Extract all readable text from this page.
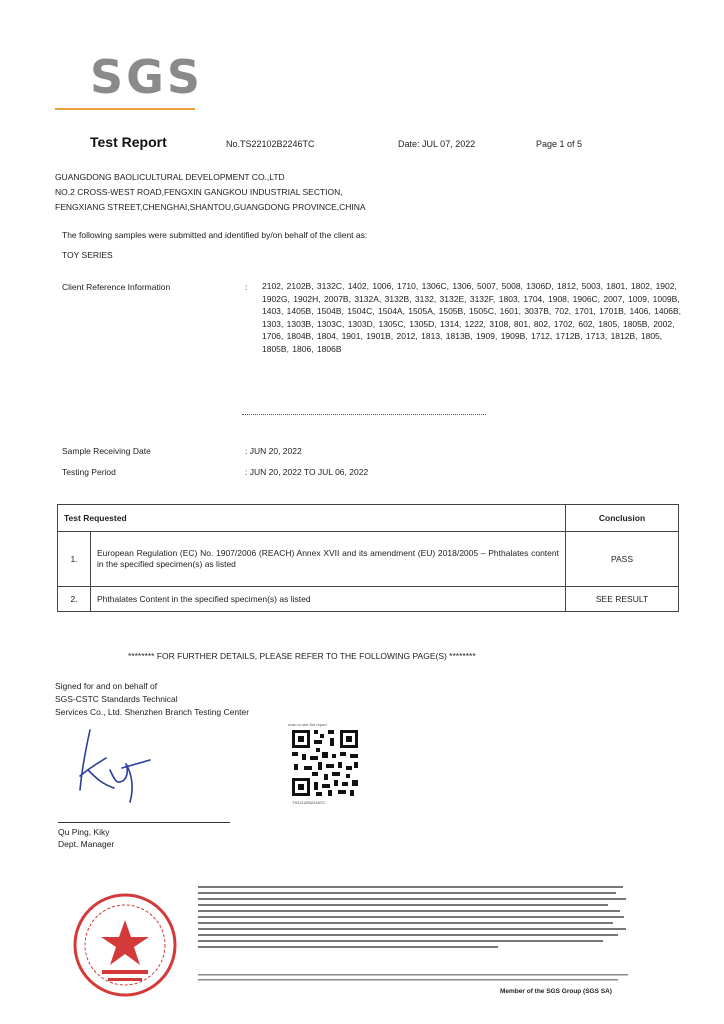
SGS
Test Report	No.TS22102B2246TC	Date: JUL 07, 2022	Page 1 of 5
GUANGDONG BAOLICULTURAL DEVELOPMENT CO.,LTD
NO.2 CROSS-WEST ROAD,FENGXIN GANGKOU INDUSTRIAL SECTION,
FENGXIANG STREET,CHENGHAI,SHANTOU,GUANGDONG PROVINCE,CHINA
The following samples were submitted and identified by/on behalf of the client as:
TOY SERIES
Client Reference Information	: 2102, 2102B, 3132C, 1402, 1006, 1710, 1306C, 1306, 5007, 5008, 1306D, 1812, 5003, 1801, 1802, 1902, 1902G, 1902H, 2007B, 3132A, 3132B, 3132, 3132E, 3132F, 1803, 1704, 1908, 1906C, 2007, 1009, 1009B, 1403, 1405B, 1504B, 1504C, 1504A, 1505A, 1505B, 1505C, 1601, 3037B, 702, 1701, 1701B, 1406, 1406B, 1303, 1303B, 1303C, 1303D, 1305C, 1305D, 1314, 1222, 3108, 801, 802, 1702, 602, 1805, 1805B, 2002, 1706, 1804B, 1804, 1901, 1901B, 2012, 1813, 1813B, 1909, 1909B, 1712, 1712B, 1713, 1812B, 1805, 1805B, 1806, 1806B
Sample Receiving Date	: JUN 20, 2022
Testing Period	: JUN 20, 2022 TO JUL 06, 2022
Test Requested		Conclusion
1.	European Regulation (EC) No. 1907/2006 (REACH) Annex XVII and its amendment (EU) 2018/2005 – Phthalates content in the specified specimen(s) as listed	PASS
2.	Phthalates Content in the specified specimen(s) as listed	SEE RESULT
******** FOR FURTHER DETAILS, PLEASE REFER TO THE FOLLOWING PAGE(S) ********
Signed for and on behalf of
SGS-CSTC Standards Technical
Services Co., Ltd. Shenzhen Branch Testing Center
Qu Ping, Kiky
Dept. Manager
scan to see the report
TS22102B2246TC
Member of the SGS Group (SGS SA)
